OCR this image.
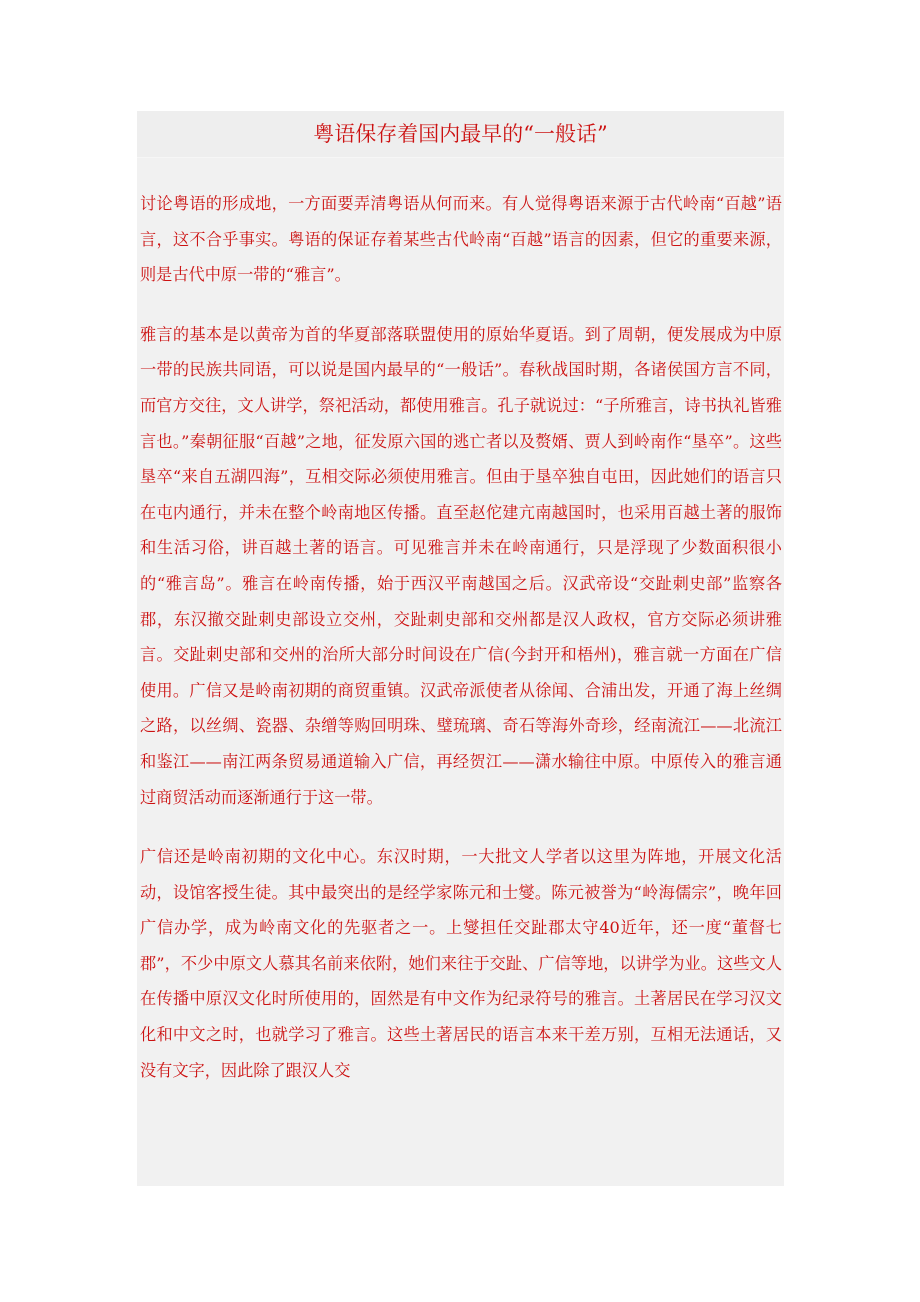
粤语保存着国内最早的“一般话”

讨论粤语的形成地，一方面要弄清粤语从何而来。有人觉得粤语来源于古代岭南“百越”语言，这不合乎事实。粤语的保证存着某些古代岭南“百越”语言的因素，但它的重要来源，则是古代中原一带的“雅言”。

雅言的基本是以黄帝为首的华夏部落联盟使用的原始华夏语。到了周朝，便发展成为中原一带的民族共同语，可以说是国内最早的“一般话”。春秋战国时期，各诸侯国方言不同，而官方交往，文人讲学，祭祀活动，都使用雅言。孔子就说过：“子所雅言，诗书执礼皆雅言也。”秦朝征服“百越”之地，征发原六国的逃亡者以及赘婿、贾人到岭南作“垦卒”。这些垦卒“来自五湖四海”，互相交际必须使用雅言。但由于垦卒独自屯田，因此她们的语言只在屯内通行，并未在整个岭南地区传播。直至赵佗建亢南越国时，也采用百越土著的服饰和生活习俗，讲百越土著的语言。可见雅言并未在岭南通行，只是浮现了少数面积很小的“雅言岛”。雅言在岭南传播，始于西汉平南越国之后。汉武帝设“交趾刺史部”监察各郡，东汉撤交趾刺史部设立交州，交趾刺史部和交州都是汉人政权，官方交际必须讲雅言。交趾刺史部和交州的治所大部分时间设在广信(今封开和梧州)，雅言就一方面在广信使用。广信又是岭南初期的商贸重镇。汉武帝派使者从徐闻、合浦出发，开通了海上丝绸之路，以丝绸、瓷器、杂缯等购回明珠、璧琉璃、奇石等海外奇珍，经南流江——北流江和鉴江——南江两条贸易通道输入广信，再经贺江——潇水输往中原。中原传入的雅言通过商贸活动而逐渐通行于这一带。

广信还是岭南初期的文化中心。东汉时期，一大批文人学者以这里为阵地，开展文化活动，设馆客授生徒。其中最突出的是经学家陈元和士燮。陈元被誉为“岭海儒宗”，晚年回广信办学，成为岭南文化的先驱者之一。上燮担任交趾郡太守40近年，还一度“董督七郡”，不少中原文人慕其名前来依附，她们来往于交趾、广信等地，以讲学为业。这些文人在传播中原汉文化时所使用的，固然是有中文作为纪录符号的雅言。土著居民在学习汉文化和中文之时，也就学习了雅言。这些土著居民的语言本来干差万别，互相无法通话，又没有文字，因此除了跟汉人交
